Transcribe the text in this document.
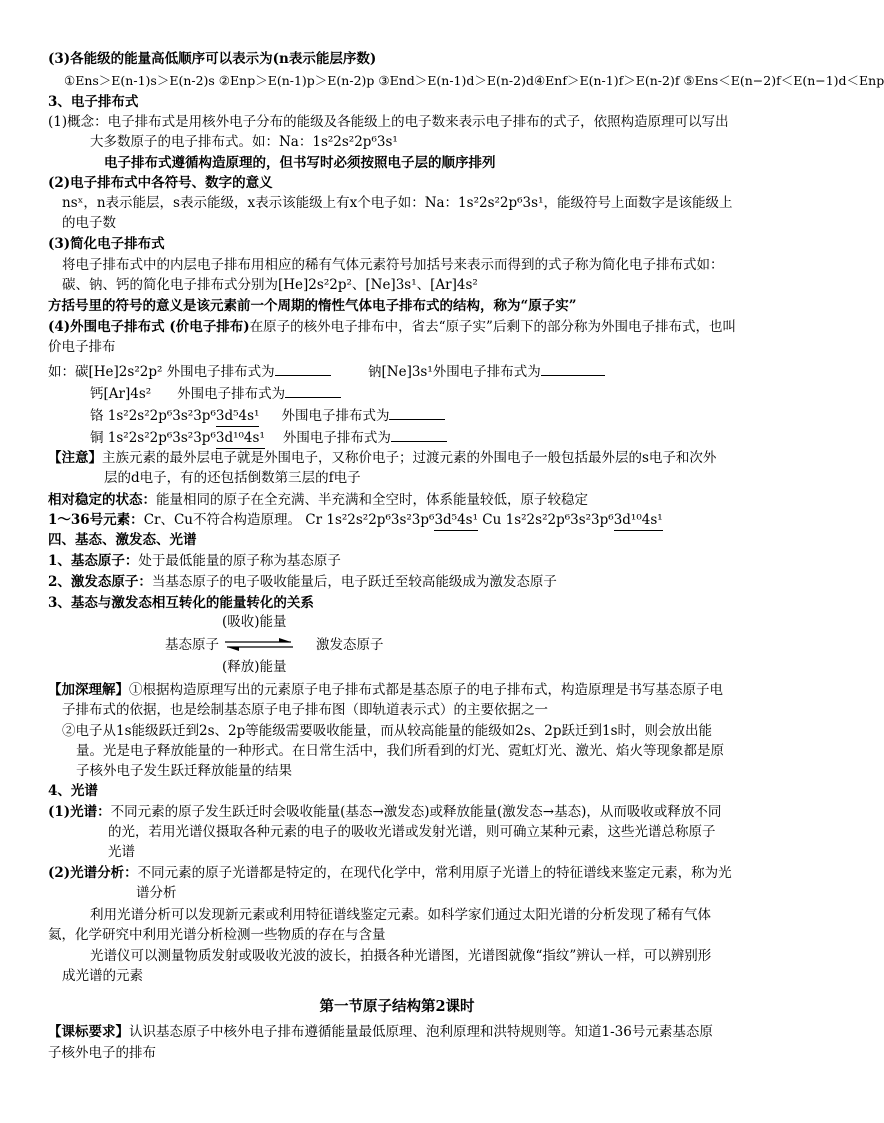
(3)各能级的能量高低顺序可以表示为(n表示能层序数)
①Ens＞E(n-1)s＞E(n-2)s ②Enp＞E(n-1)p＞E(n-2)p ③End＞E(n-1)d＞E(n-2)d④Enf＞E(n-1)f＞E(n-2)f ⑤Ens＜E(n−2)f＜E(n−1)d＜Enp
3、电子排布式
(1)概念：电子排布式是用核外电子分布的能级及各能级上的电子数来表示电子排布的式子，依照构造原理可以写出
大多数原子的电子排布式。如：Na：1s²2s²2p⁶3s¹
电子排布式遵循构造原理的，但书写时必须按照电子层的顺序排列
(2)电子排布式中各符号、数字的意义
nsˣ，n表示能层，s表示能级，x表示该能级上有x个电子如：Na：1s²2s²2p⁶3s¹，能级符号上面数字是该能级上
的电子数
(3)简化电子排布式
将电子排布式中的内层电子排布用相应的稀有气体元素符号加括号来表示而得到的式子称为简化电子排布式如：
碳、钠、钙的简化电子排布式分别为[He]2s²2p²、[Ne]3s¹、[Ar]4s²
方括号里的符号的意义是该元素前一个周期的惰性气体电子排布式的结构，称为“原子实”
(4)外围电子排布式 (价电子排布)在原子的核外电子排布中，省去“原子实”后剩下的部分称为外围电子排布式，也叫
价电子排布
如：碳[He]2s²2p² 外围电子排布式为	钠[Ne]3s¹外围电子排布式为
钙[Ar]4s² 外围电子排布式为
铬 1s²2s²2p⁶3s²3p⁶3d⁵4s¹ 外围电子排布式为
铜 1s²2s²2p⁶3s²3p⁶3d¹⁰4s¹ 外围电子排布式为
【注意】主族元素的最外层电子就是外围电子，又称价电子；过渡元素的外围电子一般包括最外层的s电子和次外
层的d电子，有的还包括倒数第三层的f电子
相对稳定的状态：能量相同的原子在全充满、半充满和全空时，体系能量较低，原子较稳定
1～36号元素：Cr、Cu不符合构造原理。 Cr 1s²2s²2p⁶3s²3p⁶3d⁵4s¹ Cu 1s²2s²2p⁶3s²3p⁶3d¹⁰4s¹
四、基态、激发态、光谱
1、基态原子：处于最低能量的原子称为基态原子
2、激发态原子：当基态原子的电子吸收能量后，电子跃迁至较高能级成为激发态原子
3、基态与激发态相互转化的能量转化的关系
(吸收)能量
基态原子	激发态原子
(释放)能量
【加深理解】①根据构造原理写出的元素原子电子排布式都是基态原子的电子排布式，构造原理是书写基态原子电
子排布式的依据，也是绘制基态原子电子排布图（即轨道表示式）的主要依据之一
②电子从1s能级跃迁到2s、2p等能级需要吸收能量，而从较高能量的能级如2s、2p跃迁到1s时，则会放出能
量。光是电子释放能量的一种形式。在日常生活中，我们所看到的灯光、霓虹灯光、激光、焰火等现象都是原
子核外电子发生跃迁释放能量的结果
4、光谱
(1)光谱：不同元素的原子发生跃迁时会吸收能量(基态→激发态)或释放能量(激发态→基态)，从而吸收或释放不同
的光，若用光谱仪摄取各种元素的电子的吸收光谱或发射光谱，则可确立某种元素，这些光谱总称原子
光谱
(2)光谱分析：不同元素的原子光谱都是特定的，在现代化学中，常利用原子光谱上的特征谱线来鉴定元素，称为光
谱分析
利用光谱分析可以发现新元素或利用特征谱线鉴定元素。如科学家们通过太阳光谱的分析发现了稀有气体
氦，化学研究中利用光谱分析检测一些物质的存在与含量
光谱仪可以测量物质发射或吸收光波的波长，拍摄各种光谱图，光谱图就像“指纹”辨认一样，可以辨别形
成光谱的元素
第一节原子结构第2课时
【课标要求】认识基态原子中核外电子排布遵循能量最低原理、泡利原理和洪特规则等。知道1-36号元素基态原
子核外电子的排布
